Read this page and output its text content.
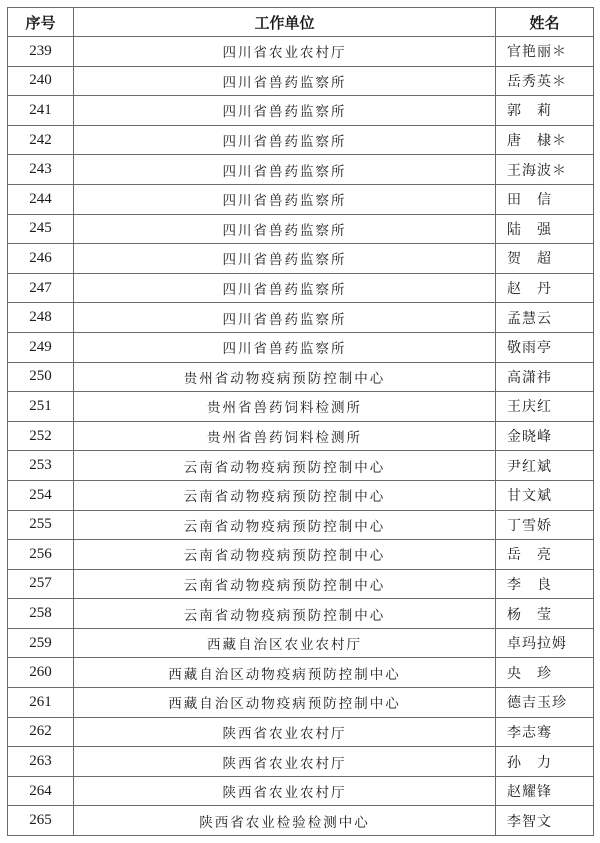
序号	工作单位	姓名
239	四川省农业农村厅	官艳丽＊
240	四川省兽药监察所	岳秀英＊
241	四川省兽药监察所	郭　莉
242	四川省兽药监察所	唐　棣＊
243	四川省兽药监察所	王海波＊
244	四川省兽药监察所	田　信
245	四川省兽药监察所	陆　强
246	四川省兽药监察所	贺　超
247	四川省兽药监察所	赵　丹
248	四川省兽药监察所	孟慧云
249	四川省兽药监察所	敬雨亭
250	贵州省动物疫病预防控制中心	高潇祎
251	贵州省兽药饲料检测所	王庆红
252	贵州省兽药饲料检测所	金晓峰
253	云南省动物疫病预防控制中心	尹红斌
254	云南省动物疫病预防控制中心	甘文斌
255	云南省动物疫病预防控制中心	丁雪娇
256	云南省动物疫病预防控制中心	岳　亮
257	云南省动物疫病预防控制中心	李　良
258	云南省动物疫病预防控制中心	杨　莹
259	西藏自治区农业农村厅	卓玛拉姆
260	西藏自治区动物疫病预防控制中心	央　珍
261	西藏自治区动物疫病预防控制中心	德吉玉珍
262	陕西省农业农村厅	李志骞
263	陕西省农业农村厅	孙　力
264	陕西省农业农村厅	赵耀锋
265	陕西省农业检验检测中心	李智文
